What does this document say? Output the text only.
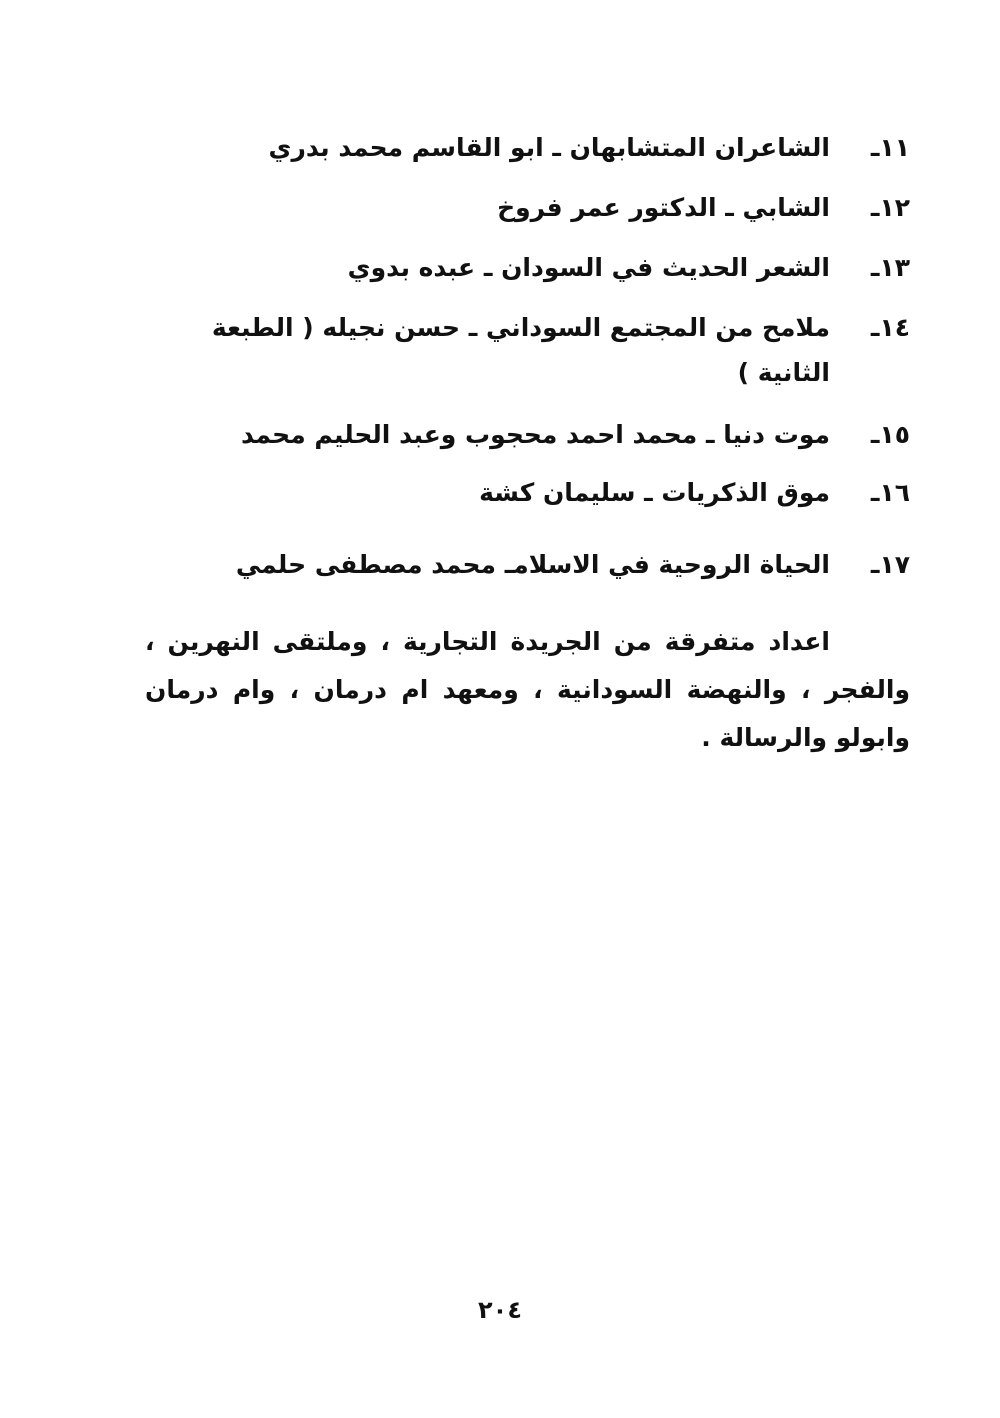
١١ـالشاعران المتشابهان ـ ابو القاسم محمد بدري
١٢ـالشابي ـ الدكتور عمر فروخ
١٣ـالشعر الحديث في السودان ـ عبده بدوي
١٤ـملامح من المجتمع السوداني ـ حسن نجيله ( الطبعة
الثانية )
١٥ـموت دنيا ـ محمد احمد محجوب وعبد الحليم محمد
١٦ـموق الذكريات ـ سليمان كشة
١٧ـالحياة الروحية في الاسلامـ محمد مصطفى حلمي
اعداد متفرقة من الجريدة التجارية ، وملتقى النهرين ، والفجر ، والنهضة السودانية ، ومعهد ام درمان ، وام درمان وابولو والرسالة .
٢٠٤
